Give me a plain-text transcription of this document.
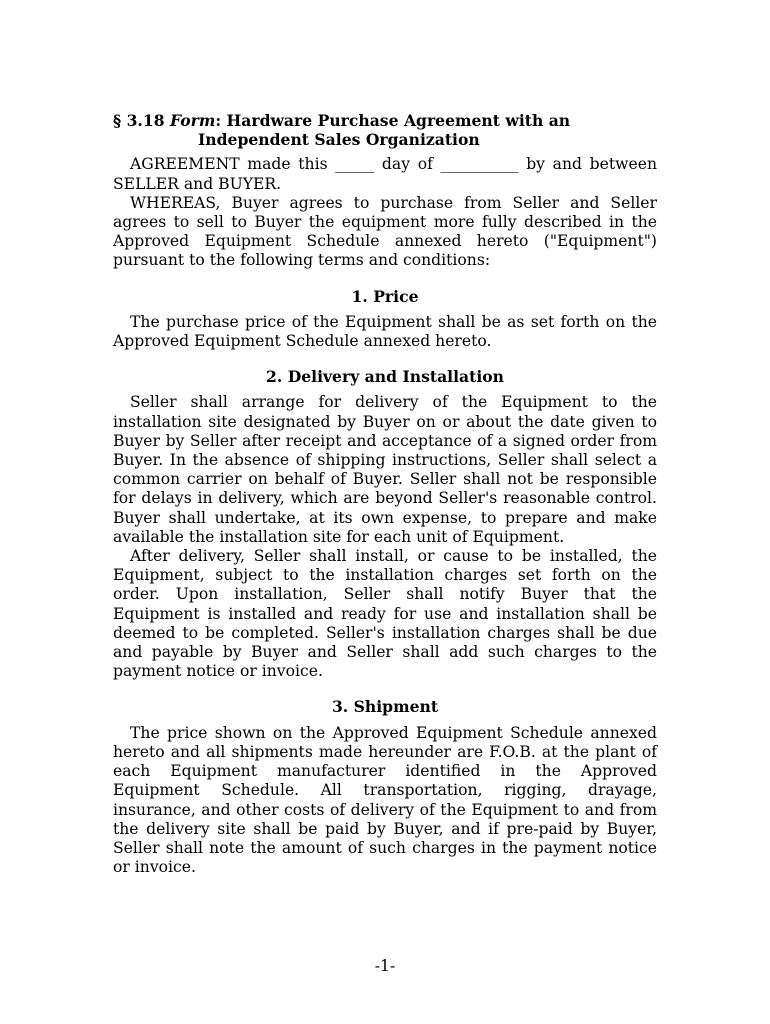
§ 3.18 Form: Hardware Purchase Agreement with an Independent Sales Organization

AGREEMENT made this _____ day of __________ by and between SELLER and BUYER.

WHEREAS, Buyer agrees to purchase from Seller and Seller agrees to sell to Buyer the equipment more fully described in the Approved Equipment Schedule annexed hereto ("Equipment") pursuant to the following terms and conditions:

1. Price

The purchase price of the Equipment shall be as set forth on the Approved Equipment Schedule annexed hereto.

2. Delivery and Installation

Seller shall arrange for delivery of the Equipment to the installation site designated by Buyer on or about the date given to Buyer by Seller after receipt and acceptance of a signed order from Buyer. In the absence of shipping instructions, Seller shall select a common carrier on behalf of Buyer. Seller shall not be responsible for delays in delivery, which are beyond Seller's reasonable control. Buyer shall undertake, at its own expense, to prepare and make available the installation site for each unit of Equipment.

After delivery, Seller shall install, or cause to be installed, the Equipment, subject to the installation charges set forth on the order. Upon installation, Seller shall notify Buyer that the Equipment is installed and ready for use and installation shall be deemed to be completed. Seller's installation charges shall be due and payable by Buyer and Seller shall add such charges to the payment notice or invoice.

3. Shipment

The price shown on the Approved Equipment Schedule annexed hereto and all shipments made hereunder are F.O.B. at the plant of each Equipment manufacturer identified in the Approved Equipment Schedule. All transportation, rigging, drayage, insurance, and other costs of delivery of the Equipment to and from the delivery site shall be paid by Buyer, and if pre-paid by Buyer, Seller shall note the amount of such charges in the payment notice or invoice.

-1-
